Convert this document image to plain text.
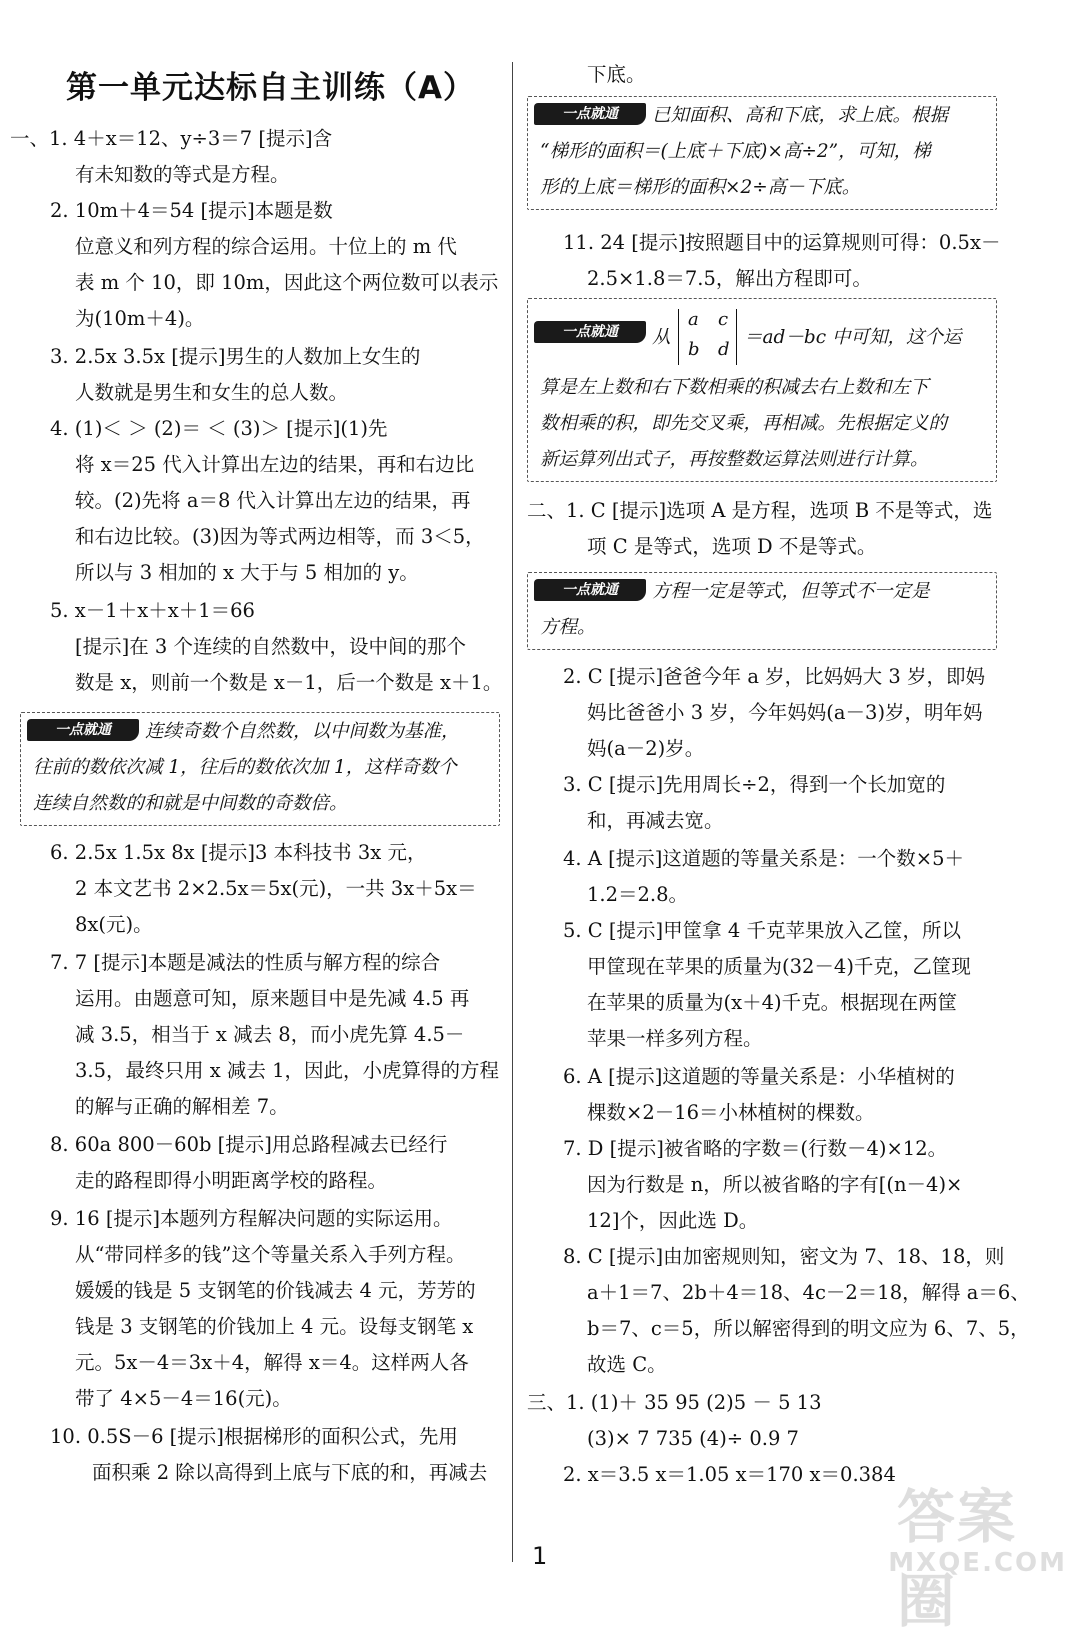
第一单元达标自主训练（A）
一点就通	连续奇数个自然数，以中间数为基准，
往前的数依次减 1，往后的数依次加 1，这样奇数个
连续自然数的和就是中间数的奇数倍。
一、1. 4＋x＝12、y÷3＝7 [提示]含
有未知数的等式是方程。
2. 10m＋4＝54 [提示]本题是数
位意义和列方程的综合运用。十位上的 m 代
表 m 个 10，即 10m，因此这个两位数可以表示
为(10m＋4)。
3. 2.5x 3.5x [提示]男生的人数加上女生的
人数就是男生和女生的总人数。
4. (1)＜ ＞ (2)＝ ＜ (3)＞ [提示](1)先
将 x＝25 代入计算出左边的结果，再和右边比
较。(2)先将 a＝8 代入计算出左边的结果，再
和右边比较。(3)因为等式两边相等，而 3＜5，
所以与 3 相加的 x 大于与 5 相加的 y。
5. x－1＋x＋x＋1＝66
[提示]在 3 个连续的自然数中，设中间的那个
数是 x，则前一个数是 x－1，后一个数是 x＋1。
6. 2.5x 1.5x 8x [提示]3 本科技书 3x 元，
2 本文艺书 2×2.5x＝5x(元)，一共 3x＋5x＝
8x(元)。
7. 7 [提示]本题是减法的性质与解方程的综合
运用。由题意可知，原来题目中是先减 4.5 再
减 3.5，相当于 x 减去 8，而小虎先算 4.5－
3.5，最终只用 x 减去 1，因此，小虎算得的方程
的解与正确的解相差 7。
8. 60a 800－60b [提示]用总路程减去已经行
走的路程即得小明距离学校的路程。
9. 16 [提示]本题列方程解决问题的实际运用。
从“带同样多的钱”这个等量关系入手列方程。
媛媛的钱是 5 支钢笔的价钱减去 4 元，芳芳的
钱是 3 支钢笔的价钱加上 4 元。设每支钢笔 x
元。5x－4＝3x＋4，解得 x＝4。这样两人各
带了 4×5－4＝16(元)。
10. 0.5S－6 [提示]根据梯形的面积公式，先用
面积乘 2 除以高得到上底与下底的和，再减去
一点就通	已知面积、高和下底，求上底。根据
“梯形的面积＝(上底＋下底)×高÷2”，可知，梯
形的上底＝梯形的面积×2÷高－下底。
一点就通	从
a c
b d
＝ad－bc 中可知，这个运
算是左上数和右下数相乘的积减去右上数和左下
数相乘的积，即先交叉乘，再相减。先根据定义的
新运算列出式子，再按整数运算法则进行计算。
一点就通	方程一定是等式，但等式不一定是
方程。
下底。
11. 24 [提示]按照题目中的运算规则可得：0.5x－
2.5×1.8＝7.5，解出方程即可。
二、1. C [提示]选项 A 是方程，选项 B 不是等式，选
项 C 是等式，选项 D 不是等式。
2. C [提示]爸爸今年 a 岁，比妈妈大 3 岁，即妈
妈比爸爸小 3 岁，今年妈妈(a－3)岁，明年妈
妈(a－2)岁。
3. C [提示]先用周长÷2，得到一个长加宽的
和，再减去宽。
4. A [提示]这道题的等量关系是：一个数×5＋
1.2＝2.8。
5. C [提示]甲筐拿 4 千克苹果放入乙筐，所以
甲筐现在苹果的质量为(32－4)千克，乙筐现
在苹果的质量为(x＋4)千克。根据现在两筐
苹果一样多列方程。
6. A [提示]这道题的等量关系是：小华植树的
棵数×2－16＝小林植树的棵数。
7. D [提示]被省略的字数＝(行数－4)×12。
因为行数是 n，所以被省略的字有[(n－4)×
12]个，因此选 D。
8. C [提示]由加密规则知，密文为 7、18、18，则
a＋1＝7、2b＋4＝18、4c－2＝18，解得 a＝6、
b＝7、c＝5，所以解密得到的明文应为 6、7、5，
故选 C。
三、1. (1)＋ 35 95 (2)5 － 5 13
(3)× 7 735 (4)÷ 0.9 7
2. x＝3.5 x＝1.05 x＝170 x＝0.384
1
答案圈
MXQE.COM
